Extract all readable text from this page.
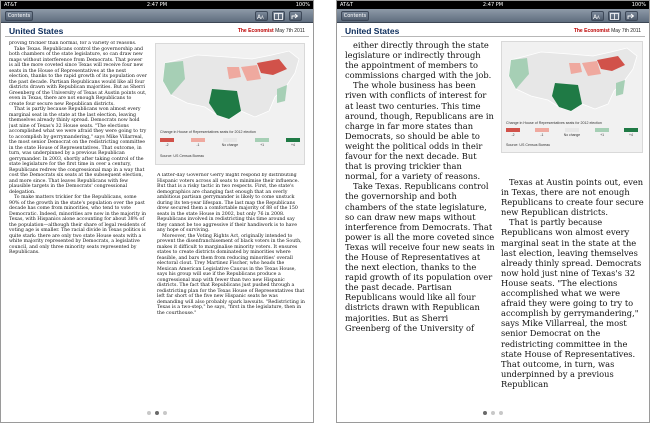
AT&T	2:47 PM	100%
Contents	A A
United States	The Economist May 7th 2011

proving trickier than normal, for a variety of reasons.

Take Texas. Republicans control the governorship and both chambers of the state legislature, so can draw new maps without interference from Democrats. That power is all the more coveted since Texas will receive four new seats in the House of Representatives at the next election, thanks to the rapid growth of its population over the past decade. Partisan Republicans would like all four districts drawn with Republican majorities. But as Sherri Greenberg of the University of Texas at Austin points out, even in Texas, there are not enough Republicans to create four secure new Republican districts.

That is partly because Republicans won almost every marginal seat in the state at the last election, leaving themselves already thinly spread. Democrats now hold just nine of Texas's 32 House seats. "The elections accomplished what we were afraid they were going to try to accomplish by gerrymandering," says Mike Villarreal, the most senior Democrat on the redistricting committee in the state House of Representatives. That outcome, in turn, was underpinned by a previous Republican gerrymander. In 2003, shortly after taking control of the state legislature for the first time in over a century, Republicans redrew the congressional map in a way that cost the Democrats six seats at the subsequent election, and more since. That leaves Republicans with few plausible targets in the Democrats' congressional delegation.

To make matters trickier for the Republicans, some 90% of the growth in the state's population over the past decade has come from minorities, who tend to vote Democratic. Indeed, minorities are now in the majority in Texas, with Hispanics alone accounting for about 38% of the population—although their share of legal residents of voting age is smaller. The racial divide in Texas politics is quite stark: there are only two state House seats with a white majority represented by Democrats, a legislative council, and only three minority seats represented by Republicans.

Change in House of Representatives seats for 2012 election
-2	-1	No change	+1	+4
Source: US Census Bureau

A latter-day Governor Gerry might respond by distributing Hispanic voters across all seats to minimise their influence. But that is a risky tactic in two respects. First, the state's demographics are changing fast enough that an overly ambitious partisan gerrymander is likely to come unstuck during its ten-year lifespan. The last map the Republicans drew secured them a comfortable majority of 88 of the 150 seats in the state House in 2002, but only 76 in 2008. Republicans involved in redistricting this time around say they cannot be too aggressive if their handiwork is to have any hope of surviving.

Moreover, the Voting Rights Act, originally intended to prevent the disenfranchisement of black voters in the South, makes it difficult to marginalise minority voters. It ensures states to create districts dominated by minorities where feasible, and bars them from reducing minorities' overall electoral clout. Trey Martinez Fischer, who heads the Mexican American Legislative Caucus in the Texas House, says his group will sue if the Republicans produce a congressional map with fewer than two new Hispanic districts. The fact that Republicans just pushed through a redistricting plan for the Texas House of Representatives that left far short of the five new Hispanic seats he was demanding will also probably spark lawsuits. "Redistricting in Texas is a two-step," he says, "first in the legislature, then in the courthouse."

AT&T	2:47 PM	100%
Contents	A A
United States	The Economist May 7th 2011

either directly through the state legislature or indirectly through the appointment of members to commissions charged with the job.

The whole business has been riven with conflicts of interest for at least two centuries. This time around, though, Republicans are in charge in far more states than Democrats, so should be able to weight the political odds in their favour for the next decade. But that is proving trickier than normal, for a variety of reasons.

Take Texas. Republicans control the governorship and both chambers of the state legislature, so can draw new maps without interference from Democrats. That power is all the more coveted since Texas will receive four new seats in the House of Representatives at the next election, thanks to the rapid growth of its population over the past decade. Partisan Republicans would like all four districts drawn with Republican majorities. But as Sherri Greenberg of the University of

Change in House of Representatives seats for 2012 election
-2	-1	No change	+1	+4
Source: US Census Bureau

Texas at Austin points out, even in Texas, there are not enough Republicans to create four secure new Republican districts.

That is partly because Republicans won almost every marginal seat in the state at the last election, leaving themselves already thinly spread. Democrats now hold just nine of Texas's 32 House seats. "The elections accomplished what we were afraid they were going to try to accomplish by gerrymandering," says Mike Villarreal, the most senior Democrat on the redistricting committee in the state House of Representatives. That outcome, in turn, was underpinned by a previous Republican
